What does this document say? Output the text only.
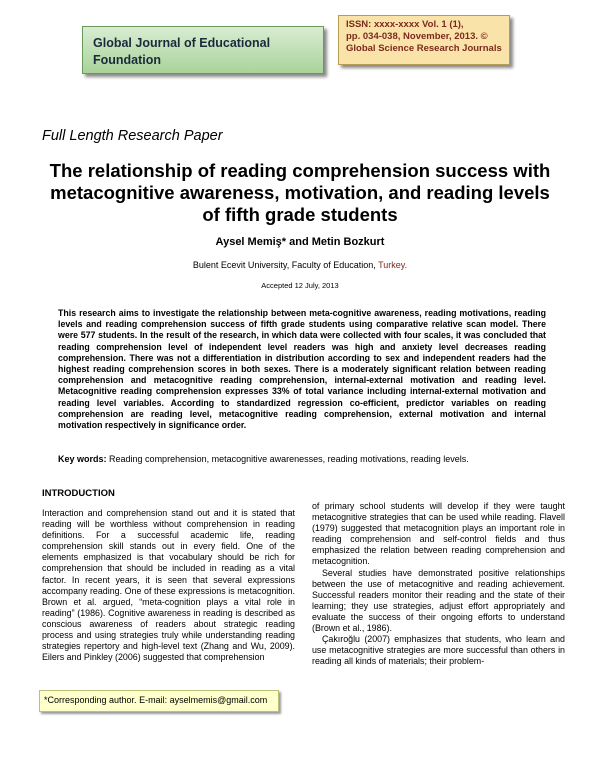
Global Journal of Educational Foundation
ISSN: xxxx-xxxx Vol. 1 (1),
pp. 034-038, November, 2013. ©
Global Science Research Journals
Full Length Research Paper
The relationship of reading comprehension success with metacognitive awareness, motivation, and reading levels of fifth grade students
Aysel Memiş* and Metin Bozkurt
Bulent Ecevit University, Faculty of Education, Turkey.
Accepted 12 July, 2013
This research aims to investigate the relationship between meta-cognitive awareness, reading motivations, reading levels and reading comprehension success of fifth grade students using comparative relative scan model. There were 577 students. In the result of the research, in which data were collected with four scales, it was concluded that reading comprehension level of independent level readers was high and anxiety level decreases reading comprehension. There was not a differentiation in distribution according to sex and independent readers had the highest reading comprehension scores in both sexes. There is a moderately significant relation between reading comprehension and metacognitive reading comprehension, internal-external motivation and reading level. Metacognitive reading comprehension expresses 33% of total variance including internal-external motivation and reading level variables. According to standardized regression co-efficient, predictor variables on reading comprehension are reading level, metacognitive reading comprehension, external motivation and internal motivation respectively in significance order.
Key words: Reading comprehension, metacognitive awarenesses, reading motivations, reading levels.
INTRODUCTION

Interaction and comprehension stand out and it is stated that reading will be worthless without comprehension in reading definitions. For a successful academic life, reading comprehension skill stands out in every field. One of the elements emphasized is that vocabulary should be rich for comprehension that should be included in reading as a vital factor. In recent years, it is seen that several expressions accompany reading. One of these expressions is metacognition. Brown et al. argued, “meta-cognition plays a vital role in reading” (1986). Cognitive awareness in reading is described as conscious awareness of readers about strategic reading process and using strategies truly while understanding reading strategies repertory and high-level text (Zhang and Wu, 2009). Eilers and Pinkley (2006) suggested that comprehension

of primary school students will develop if they were taught metacognitive strategies that can be used while reading. Flavell (1979) suggested that metacognition plays an important role in reading comprehension and self-control fields and thus emphasized the relation between reading comprehension and metacognition.

Several studies have demonstrated positive relationships between the use of metacognitive and reading achievement. Successful readers monitor their reading and the state of their learning; they use strategies, adjust effort appropriately and evaluate the success of their ongoing efforts to understand (Brown et al., 1986).

Çakıroğlu (2007) emphasizes that students, who learn and use metacognitive strategies are more successful than others in reading all kinds of materials; their problem-

*Corresponding author. E-mail: ayselmemis@gmail.com
